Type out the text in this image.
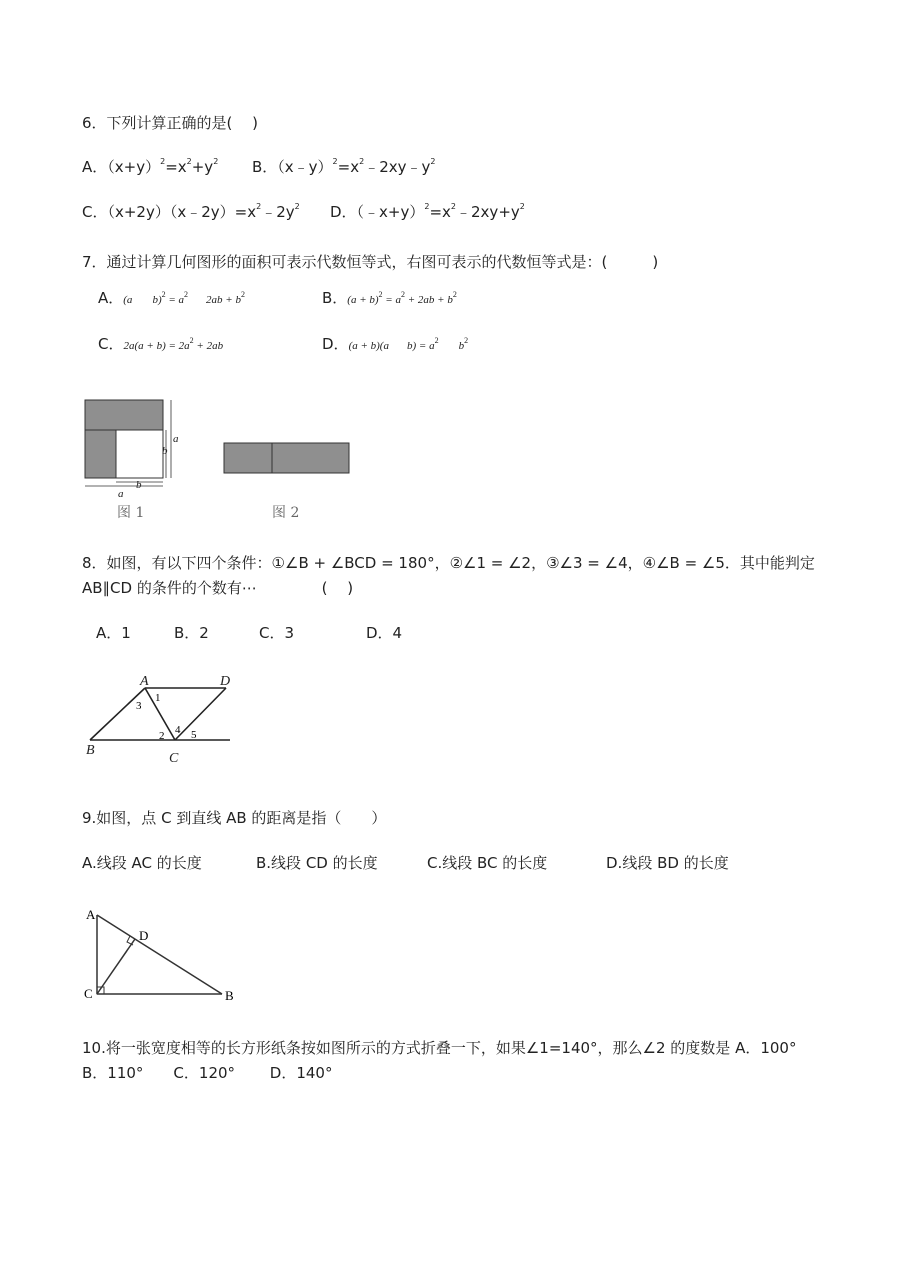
6．下列计算正确的是(　 )
A．$(x+y)^2=x^2+y^2$ B．$(x﹣y)^2=x^2﹣2xy﹣y^2$
C．$(x+2y)(x﹣2y)=x^2﹣2y^2$ D．$(﹣x+y)^2=x^2﹣2xy+y^2$
7．通过计算几何图形的面积可表示代数恒等式，右图可表示的代数恒等式是：(　　　)
A．(a $b)^2 = a^2$ $2ab + b^2$	B．$(a + b)^2 = a^2 + 2ab + b^2$
C．$2a(a + b) = 2a^2 + 2ab$	D．(a + b)(a $b) = a^2$ $b^2$
a
b
a
b
图 1	图 2
8．如图，有以下四个条件：①∠B + ∠BCD = 180°，②∠1 = ∠2，③∠3 = ∠4，④∠B = ∠5．其中能判定
AB∥CD 的条件的个数有⋯　　　　 (　 )
A．1	B．2	C．3	D．4
A	D
B
C
1
3
4
2 5
9.如图，点 C 到直线 AB 的距离是指（　　）
A.线段 AC 的长度	B.线段 CD 的长度	C.线段 BC 的长度	D.线段 BD 的长度
A
D
C	B
10.将一张宽度相等的长方形纸条按如图所示的方式折叠一下，如果∠1=140°，那么∠2 的度数是 A．100°
B．110°　　C．120°　　 D．140°
